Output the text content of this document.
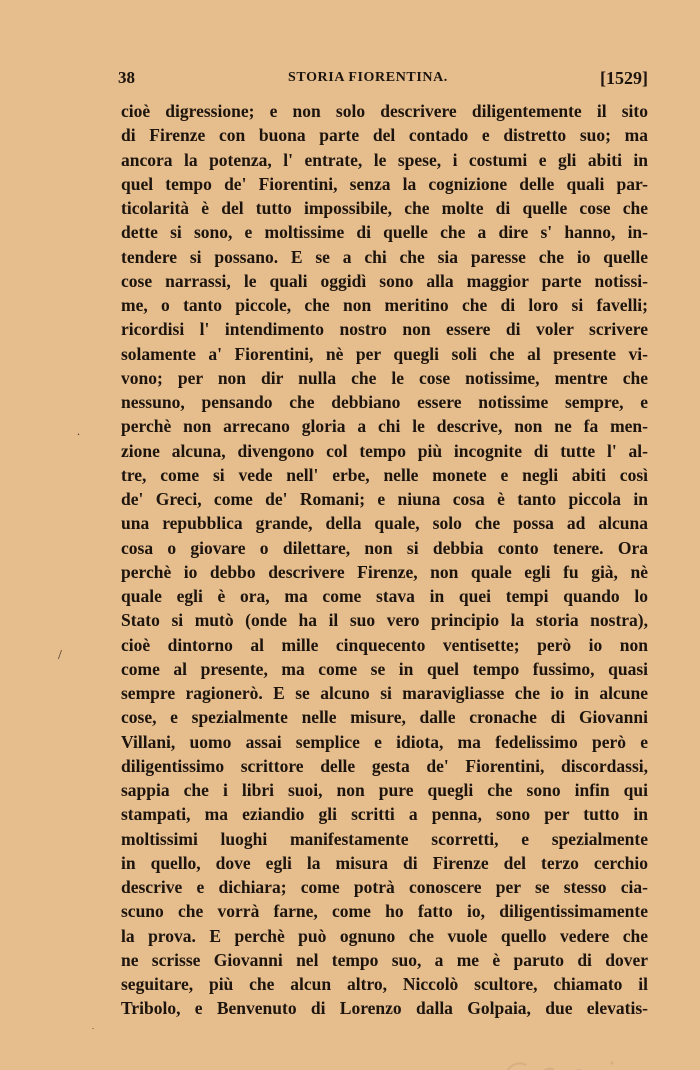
38	STORIA FIORENTINA.	[1529]
cioè digressione; e non solo descrivere diligentemente il sito
di Firenze con buona parte del contado e distretto suo; ma
ancora la potenza, l' entrate, le spese, i costumi e gli abiti in
quel tempo de' Fiorentini, senza la cognizione delle quali par-
ticolarità è del tutto impossibile, che molte di quelle cose che
dette si sono, e moltissime di quelle che a dire s' hanno, in-
tendere si possano. E se a chi che sia paresse che io quelle
cose narrassi, le quali oggidì sono alla maggior parte notissi-
me, o tanto piccole, che non meritino che di loro si favelli;
ricordisi l' intendimento nostro non essere di voler scrivere
solamente a' Fiorentini, nè per quegli soli che al presente vi-
vono; per non dir nulla che le cose notissime, mentre che
nessuno, pensando che debbiano essere notissime sempre, e
perchè non arrecano gloria a chi le descrive, non ne fa men-
zione alcuna, divengono col tempo più incognite di tutte l' al-
tre, come si vede nell' erbe, nelle monete e negli abiti così
de' Greci, come de' Romani; e niuna cosa è tanto piccola in
una repubblica grande, della quale, solo che possa ad alcuna
cosa o giovare o dilettare, non si debbia conto tenere. Ora
perchè io debbo descrivere Firenze, non quale egli fu già, nè
quale egli è ora, ma come stava in quei tempi quando lo
Stato si mutò (onde ha il suo vero principio la storia nostra),
cioè dintorno al mille cinquecento ventisette; però io non
come al presente, ma come se in quel tempo fussimo, quasi
sempre ragionerò. E se alcuno si maravigliasse che io in alcune
cose, e spezialmente nelle misure, dalle cronache di Giovanni
Villani, uomo assai semplice e idiota, ma fedelissimo però e
diligentissimo scrittore delle gesta de' Fiorentini, discordassi,
sappia che i libri suoi, non pure quegli che sono infin qui
stampati, ma eziandio gli scritti a penna, sono per tutto in
moltissimi luoghi manifestamente scorretti, e spezialmente
in quello, dove egli la misura di Firenze del terzo cerchio
descrive e dichiara; come potrà conoscere per se stesso cia-
scuno che vorrà farne, come ho fatto io, diligentissimamente
la prova. E perchè può ognuno che vuole quello vedere che
ne scrisse Giovanni nel tempo suo, a me è paruto di dover
seguitare, più che alcun altro, Niccolò scultore, chiamato il
Tribolo, e Benvenuto di Lorenzo dalla Golpaia, due elevatis-
.
/
.
